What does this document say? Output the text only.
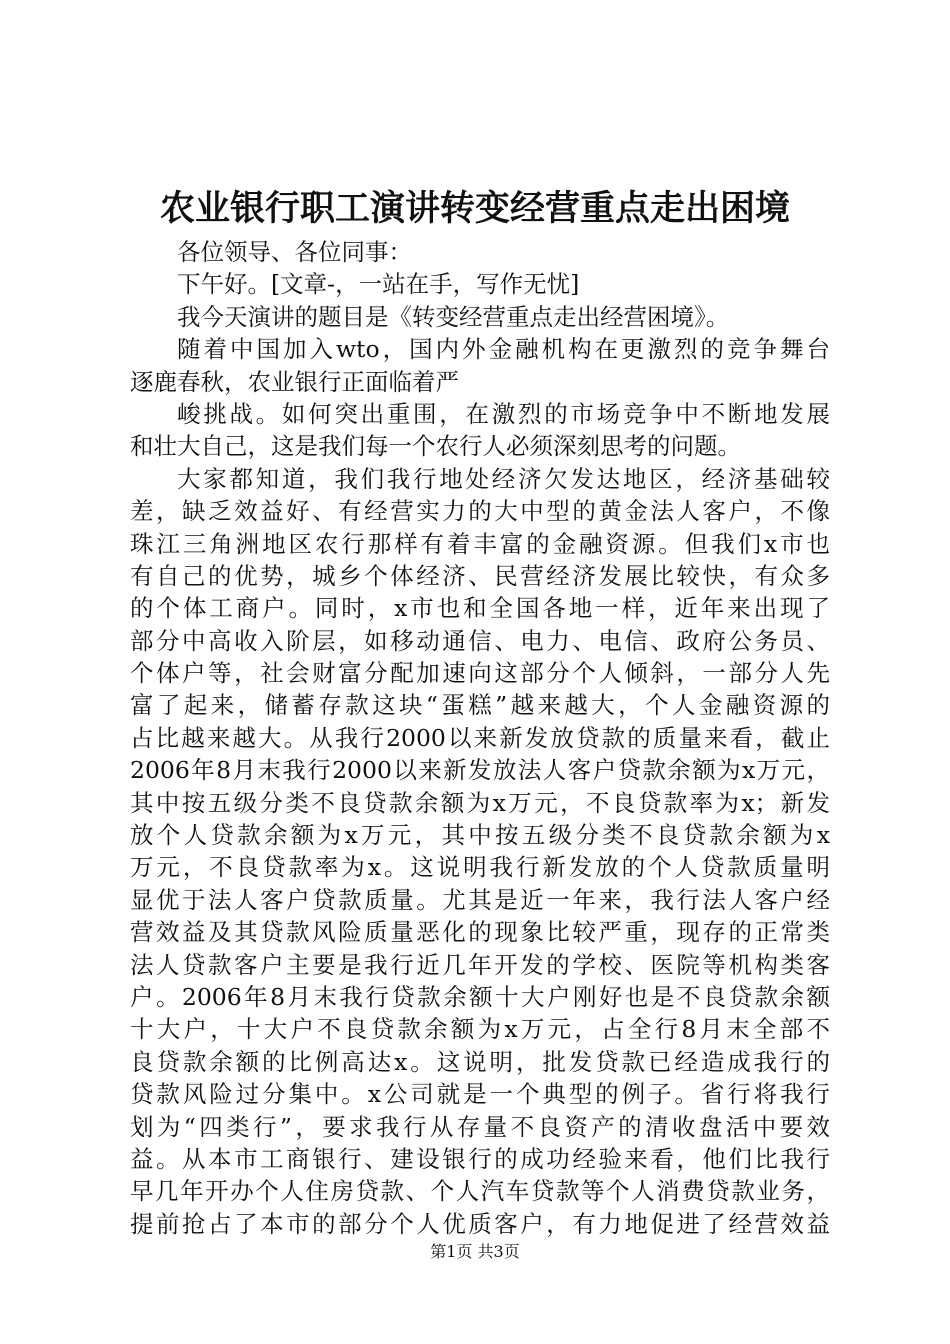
农业银行职工演讲转变经营重点走出困境
各位领导、各位同事：
下午好。[文章-，一站在手，写作无忧]
我今天演讲的题目是《转变经营重点走出经营困境》。
随着中国加入wto，国内外金融机构在更激烈的竞争舞台
逐鹿春秋，农业银行正面临着严
峻挑战。如何突出重围，在激烈的市场竞争中不断地发展
和壮大自己，这是我们每一个农行人必须深刻思考的问题。
大家都知道，我们我行地处经济欠发达地区，经济基础较
差，缺乏效益好、有经营实力的大中型的黄金法人客户，不像
珠江三角洲地区农行那样有着丰富的金融资源。但我们x市也
有自己的优势，城乡个体经济、民营经济发展比较快，有众多
的个体工商户。同时，x市也和全国各地一样，近年来出现了
部分中高收入阶层，如移动通信、电力、电信、政府公务员、
个体户等，社会财富分配加速向这部分个人倾斜，一部分人先
富了起来，储蓄存款这块“蛋糕”越来越大，个人金融资源的
占比越来越大。从我行2000以来新发放贷款的质量来看，截止
2006年8月末我行2000以来新发放法人客户贷款余额为x万元，
其中按五级分类不良贷款余额为x万元，不良贷款率为x；新发
放个人贷款余额为x万元，其中按五级分类不良贷款余额为x
万元，不良贷款率为x。这说明我行新发放的个人贷款质量明
显优于法人客户贷款质量。尤其是近一年来，我行法人客户经
营效益及其贷款风险质量恶化的现象比较严重，现存的正常类
法人贷款客户主要是我行近几年开发的学校、医院等机构类客
户。2006年8月末我行贷款余额十大户刚好也是不良贷款余额
十大户，十大户不良贷款余额为x万元，占全行8月末全部不
良贷款余额的比例高达x。这说明，批发贷款已经造成我行的
贷款风险过分集中。x公司就是一个典型的例子。省行将我行
划为“四类行”，要求我行从存量不良资产的清收盘活中要效
益。从本市工商银行、建设银行的成功经验来看，他们比我行
早几年开办个人住房贷款、个人汽车贷款等个人消费贷款业务，
提前抢占了本市的部分个人优质客户，有力地促进了经营效益
第1页 共3页
